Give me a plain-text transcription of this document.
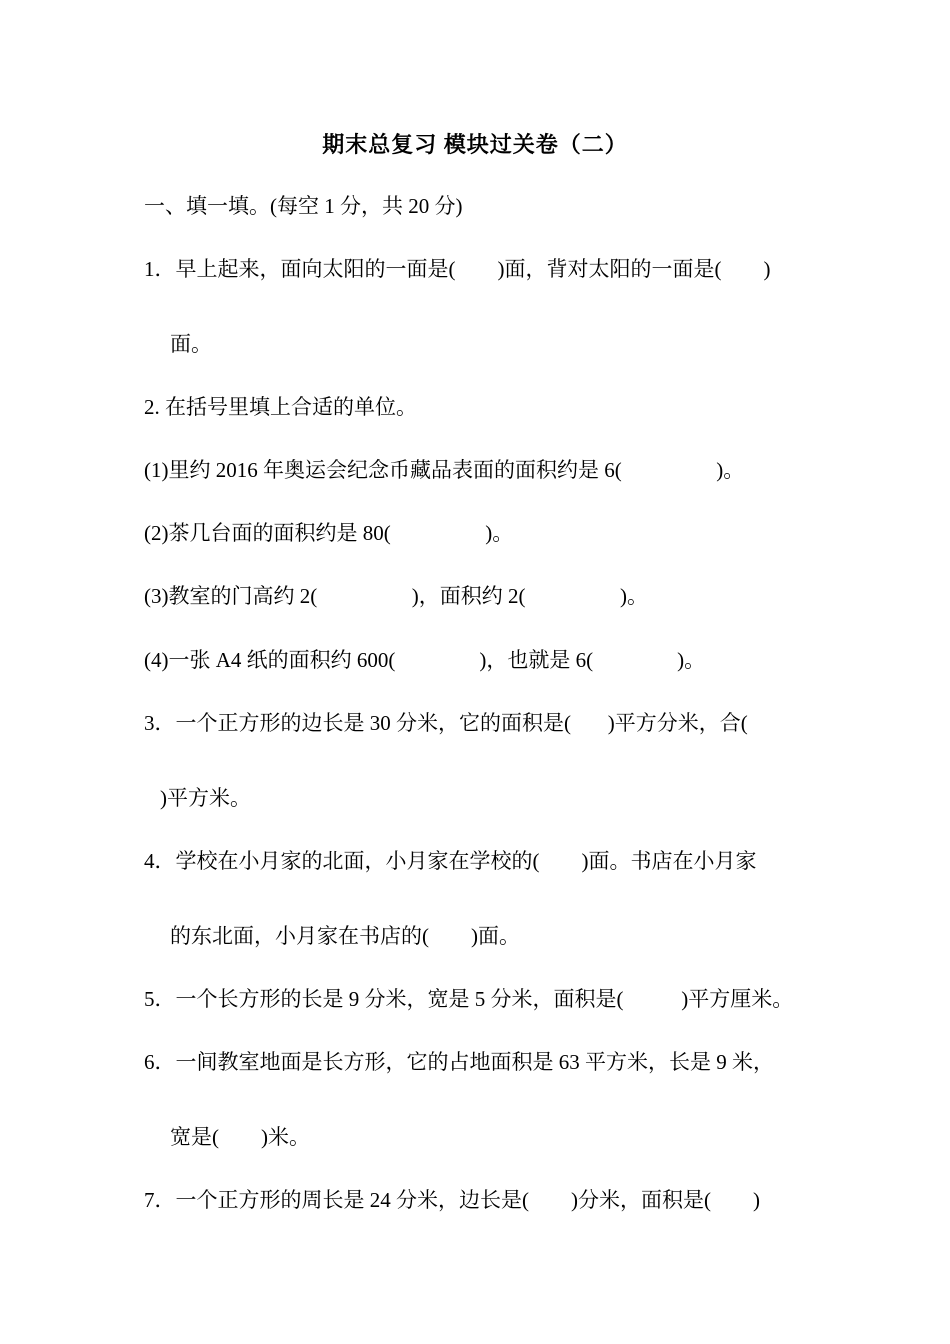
期末总复习 模块过关卷（二）
一、填一填。(每空 1 分，共 20 分)
1．早上起来，面向太阳的一面是(        )面，背对太阳的一面是(        )
面。
2. 在括号里填上合适的单位。
(1)里约 2016 年奥运会纪念币藏品表面的面积约是 6(                  )。
(2)茶几台面的面积约是 80(                  )。
(3)教室的门高约 2(                  )，面积约 2(                  )。
(4)一张 A4 纸的面积约 600(                )，也就是 6(                )。
3．一个正方形的边长是 30 分米，它的面积是(       )平方分米，合(
)平方米。
4．学校在小月家的北面，小月家在学校的(        )面。书店在小月家
的东北面，小月家在书店的(        )面。
5．一个长方形的长是 9 分米，宽是 5 分米，面积是(           )平方厘米。
6．一间教室地面是长方形，它的占地面积是 63 平方米，长是 9 米，
宽是(        )米。
7．一个正方形的周长是 24 分米，边长是(        )分米，面积是(        )
